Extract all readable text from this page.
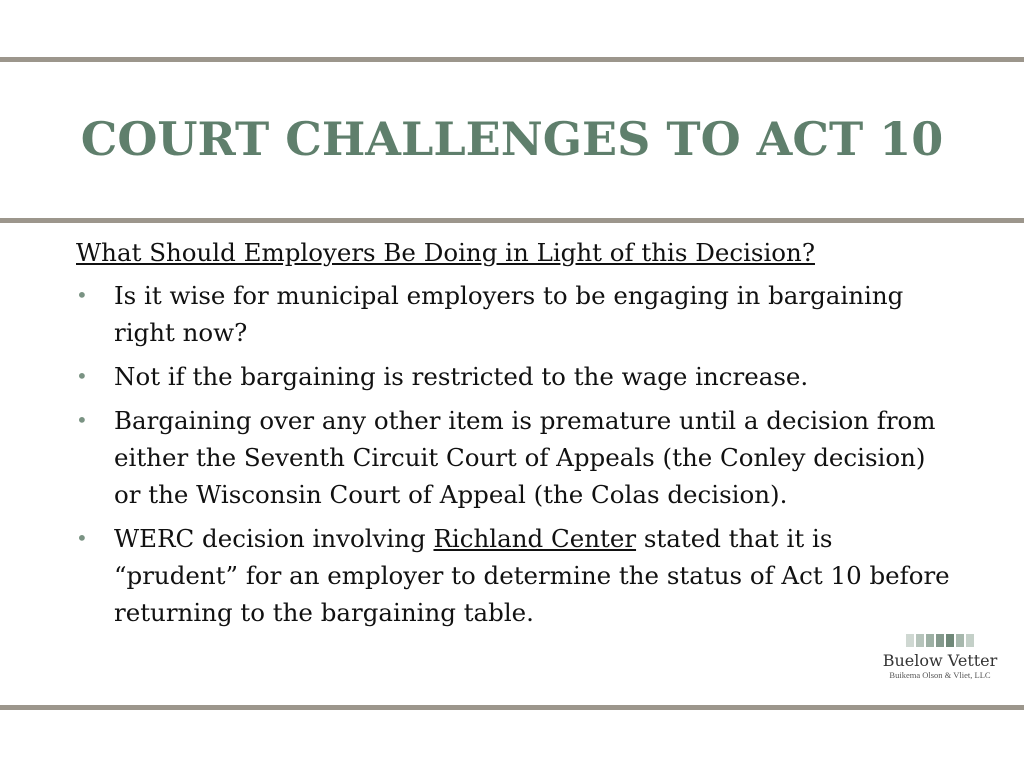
COURT CHALLENGES TO ACT 10

What Should Employers Be Doing in Light of this Decision?

•	Is it wise for municipal employers to be engaging in bargaining right now?
•	Not if the bargaining is restricted to the wage increase.
•	Bargaining over any other item is premature until a decision from either the Seventh Circuit Court of Appeals (the Conley decision) or the Wisconsin Court of Appeal (the Colas decision).
•	WERC decision involving Richland Center stated that it is “prudent” for an employer to determine the status of Act 10 before returning to the bargaining table.
Buelow Vetter
Buikema Olson & Vliet, LLC
